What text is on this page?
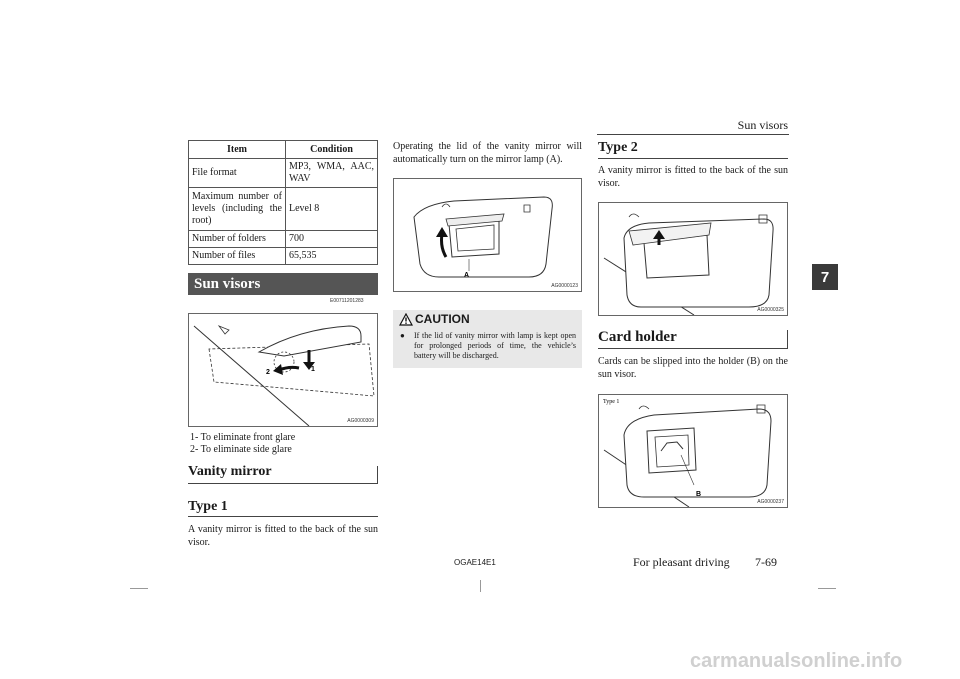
Sun visors
7
Item	Condition
File format	MP3, WMA, AAC, WAV
Maximum number of levels (including the root)	Level 8
Number of folders	700
Number of files	65,535
Sun visors
E00711201283
1
2
AG0000309
1- To eliminate front glare
2- To eliminate side glare
Vanity mirror
Type 1
A vanity mirror is fitted to the back of the sun visor.
Operating the lid of the vanity mirror will automatically turn on the mirror lamp (A).
A
AG0000123
CAUTION
● If the lid of vanity mirror with lamp is kept open for prolonged periods of time, the vehicle’s battery will be discharged.
Type 2
A vanity mirror is fitted to the back of the sun visor.
AG0000325
Card holder
Cards can be slipped into the holder (B) on the sun visor.
Type 1
B
AG0000237
OGAE14E1	For pleasant driving 7-69
carmanualsonline.info
